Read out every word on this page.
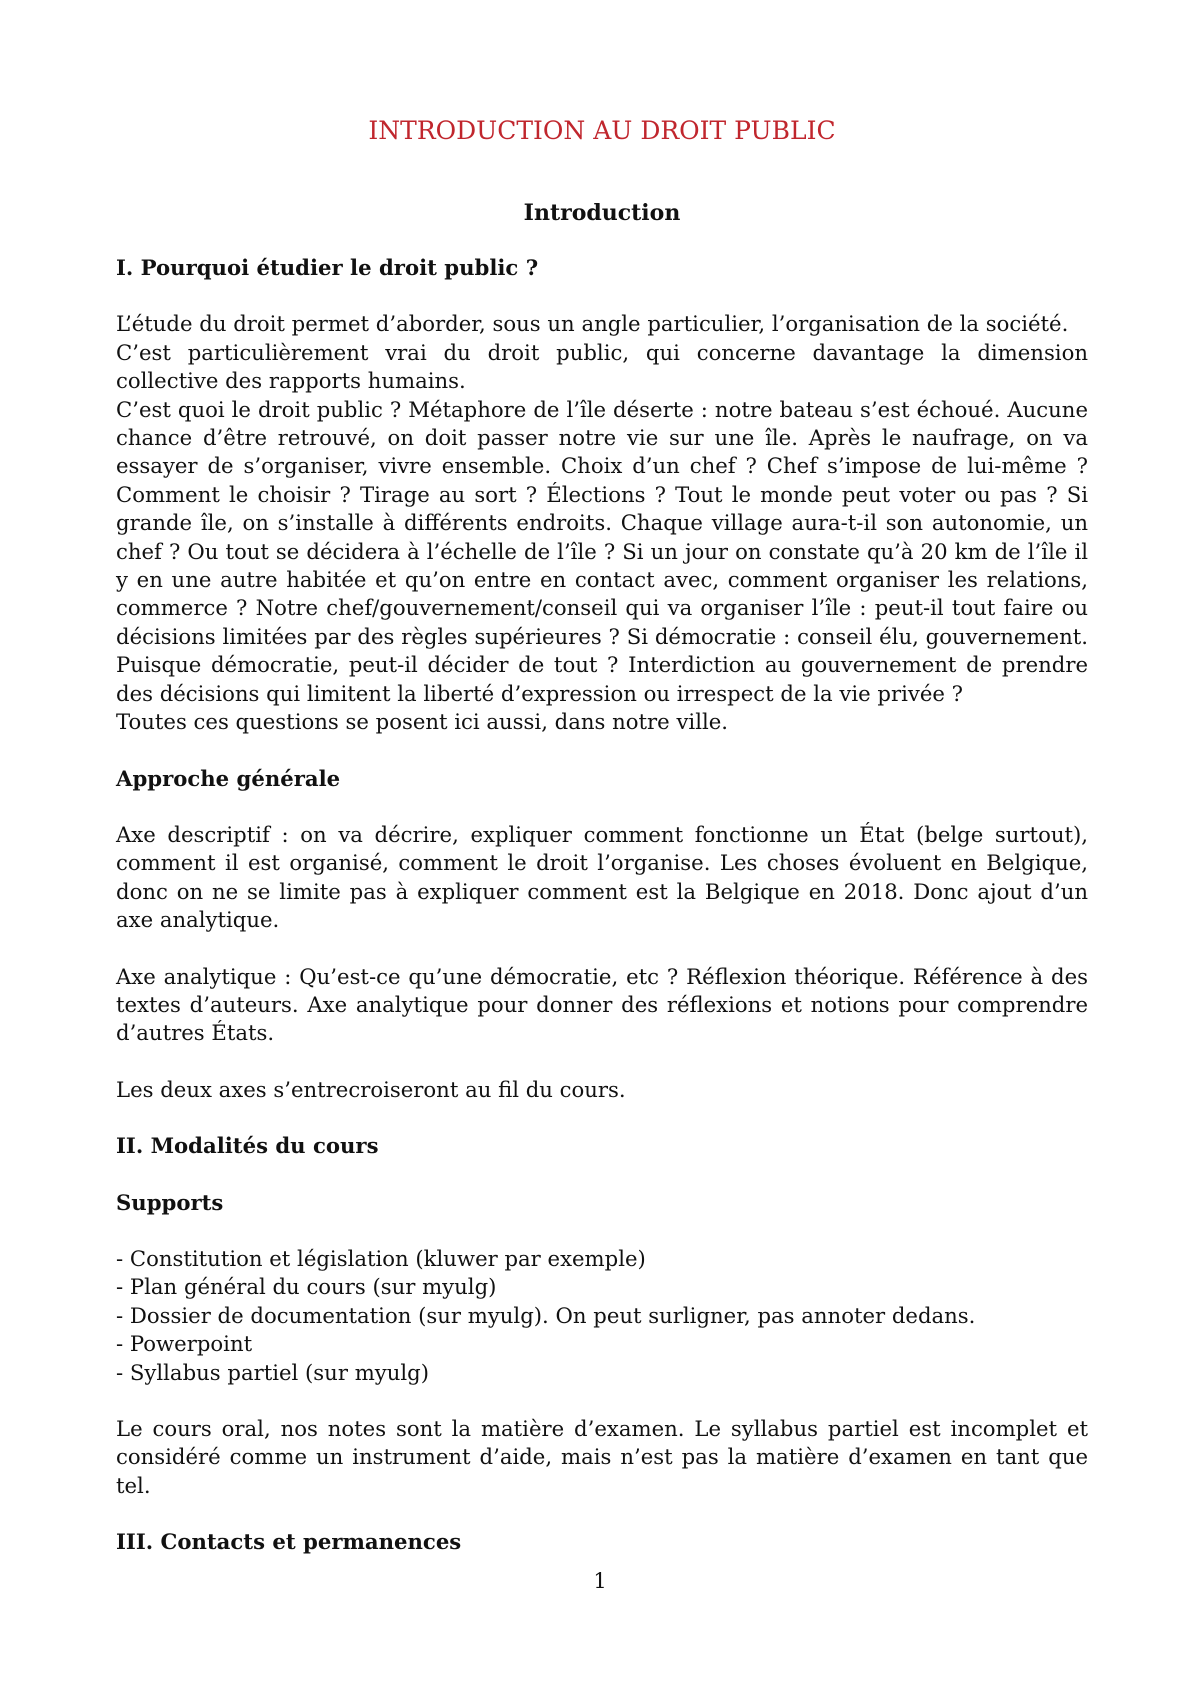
INTRODUCTION AU DROIT PUBLIC
Introduction
I. Pourquoi étudier le droit public ?

L’étude du droit permet d’aborder, sous un angle particulier, l’organisation de la société.

C’est particulièrement vrai du droit public, qui concerne davantage la dimension collective des rapports humains.

C’est quoi le droit public ? Métaphore de l’île déserte : notre bateau s’est échoué. Aucune chance d’être retrouvé, on doit passer notre vie sur une île. Après le naufrage, on va essayer de s’organiser, vivre ensemble. Choix d’un chef ? Chef s’impose de lui-même ? Comment le choisir ? Tirage au sort ? Élections ? Tout le monde peut voter ou pas ? Si grande île, on s’installe à différents endroits. Chaque village aura-t-il son autonomie, un chef ? Ou tout se décidera à l’échelle de l’île ? Si un jour on constate qu’à 20 km de l’île il y en une autre habitée et qu’on entre en contact avec, comment organiser les relations, commerce ? Notre chef/gouvernement/conseil qui va organiser l’île : peut-il tout faire ou décisions limitées par des règles supérieures ? Si démocratie : conseil élu, gouvernement. Puisque démocratie, peut-il décider de tout ? Interdiction au gouvernement de prendre des décisions qui limitent la liberté d’expression ou irrespect de la vie privée ?

Toutes ces questions se posent ici aussi, dans notre ville.

Approche générale

Axe descriptif : on va décrire, expliquer comment fonctionne un État (belge surtout), comment il est organisé, comment le droit l’organise. Les choses évoluent en Belgique, donc on ne se limite pas à expliquer comment est la Belgique en 2018. Donc ajout d’un axe analytique.

Axe analytique : Qu’est-ce qu’une démocratie, etc ? Réflexion théorique. Référence à des textes d’auteurs. Axe analytique pour donner des réflexions et notions pour comprendre d’autres États.

Les deux axes s’entrecroiseront au fil du cours.

II. Modalités du cours
Supports
- Constitution et législation (kluwer par exemple)
- Plan général du cours (sur myulg)
- Dossier de documentation (sur myulg). On peut surligner, pas annoter dedans.
- Powerpoint
- Syllabus partiel (sur myulg)

Le cours oral, nos notes sont la matière d’examen. Le syllabus partiel est incomplet et considéré comme un instrument d’aide, mais n’est pas la matière d’examen en tant que tel.

III. Contacts et permanences
1
